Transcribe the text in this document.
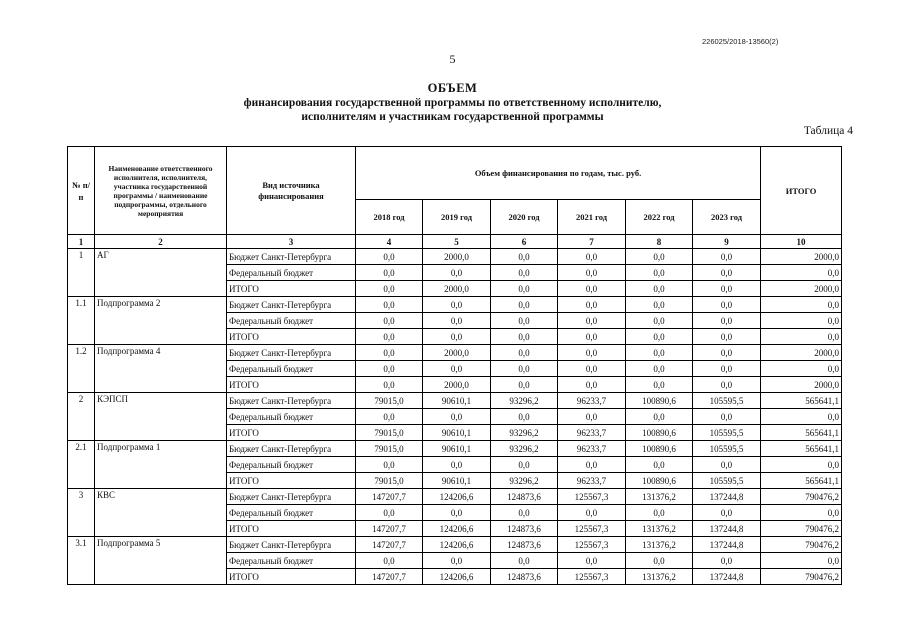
226025/2018-13560(2)
5
ОБЪЕМ
финансирования государственной программы по ответственному исполнителю,
исполнителям и участникам государственной программы
Таблица 4
№ п/п	Наименование ответственного исполнителя, исполнителя, участника государственной программы / наименование подпрограммы, отдельного мероприятия	Вид источника финансирования	Объем финансирования по годам, тыс. руб.						ИТОГО
			2018 год	2019 год	2020 год	2021 год	2022 год	2023 год	
1	2	3	4	5	6	7	8	9	10
1	АГ	Бюджет Санкт-Петербурга	0,0	2000,0	0,0	0,0	0,0	0,0	2000,0
		Федеральный бюджет	0,0	0,0	0,0	0,0	0,0	0,0	0,0
		ИТОГО	0,0	2000,0	0,0	0,0	0,0	0,0	2000,0
1.1	Подпрограмма 2	Бюджет Санкт-Петербурга	0,0	0,0	0,0	0,0	0,0	0,0	0,0
		Федеральный бюджет	0,0	0,0	0,0	0,0	0,0	0,0	0,0
		ИТОГО	0,0	0,0	0,0	0,0	0,0	0,0	0,0
1.2	Подпрограмма 4	Бюджет Санкт-Петербурга	0,0	2000,0	0,0	0,0	0,0	0,0	2000,0
		Федеральный бюджет	0,0	0,0	0,0	0,0	0,0	0,0	0,0
		ИТОГО	0,0	2000,0	0,0	0,0	0,0	0,0	2000,0
2	КЭПСП	Бюджет Санкт-Петербурга	79015,0	90610,1	93296,2	96233,7	100890,6	105595,5	565641,1
		Федеральный бюджет	0,0	0,0	0,0	0,0	0,0	0,0	0,0
		ИТОГО	79015,0	90610,1	93296,2	96233,7	100890,6	105595,5	565641,1
2.1	Подпрограмма 1	Бюджет Санкт-Петербурга	79015,0	90610,1	93296,2	96233,7	100890,6	105595,5	565641,1
		Федеральный бюджет	0,0	0,0	0,0	0,0	0,0	0,0	0,0
		ИТОГО	79015,0	90610,1	93296,2	96233,7	100890,6	105595,5	565641,1
3	КВС	Бюджет Санкт-Петербурга	147207,7	124206,6	124873,6	125567,3	131376,2	137244,8	790476,2
		Федеральный бюджет	0,0	0,0	0,0	0,0	0,0	0,0	0,0
		ИТОГО	147207,7	124206,6	124873,6	125567,3	131376,2	137244,8	790476,2
3.1	Подпрограмма 5	Бюджет Санкт-Петербурга	147207,7	124206,6	124873,6	125567,3	131376,2	137244,8	790476,2
		Федеральный бюджет	0,0	0,0	0,0	0,0	0,0	0,0	0,0
		ИТОГО	147207,7	124206,6	124873,6	125567,3	131376,2	137244,8	790476,2
